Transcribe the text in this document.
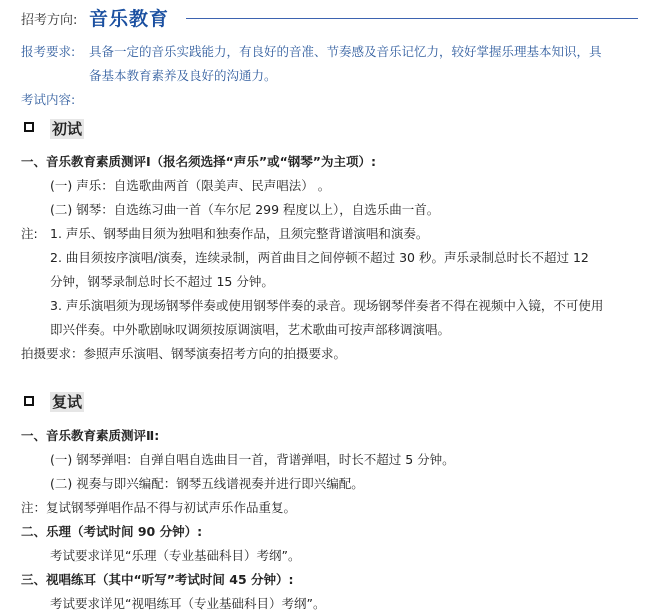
招考方向: 音乐教育
报考要求: 具备一定的音乐实践能力，有良好的音准、节奏感及音乐记忆力，较好掌握乐理基本知识，具
备基本教育素养及良好的沟通力。
考试内容:
初试
一、音乐教育素质测评Ⅰ（报名须选择“声乐”或“钢琴”为主项）:
(一) 声乐：自选歌曲两首（限美声、民声唱法） 。
(二) 钢琴：自选练习曲一首（车尔尼 299 程度以上），自选乐曲一首。
注: 1. 声乐、钢琴曲目须为独唱和独奏作品，且须完整背谱演唱和演奏。
2. 曲目须按序演唱/演奏，连续录制，两首曲目之间停顿不超过 30 秒。声乐录制总时长不超过 12
分钟，钢琴录制总时长不超过 15 分钟。
3. 声乐演唱须为现场钢琴伴奏或使用钢琴伴奏的录音。现场钢琴伴奏者不得在视频中入镜，不可使用
即兴伴奏。中外歌剧咏叹调须按原调演唱，艺术歌曲可按声部移调演唱。
拍摄要求：参照声乐演唱、钢琴演奏招考方向的拍摄要求。
复试
一、音乐教育素质测评Ⅱ:
(一) 钢琴弹唱：自弹自唱自选曲目一首，背谱弹唱，时长不超过 5 分钟。
(二) 视奏与即兴编配：钢琴五线谱视奏并进行即兴编配。
注：复试钢琴弹唱作品不得与初试声乐作品重复。
二、乐理（考试时间 90 分钟）:
考试要求详见“乐理（专业基础科目）考纲”。
三、视唱练耳（其中“听写”考试时间 45 分钟）:
考试要求详见“视唱练耳（专业基础科目）考纲”。
